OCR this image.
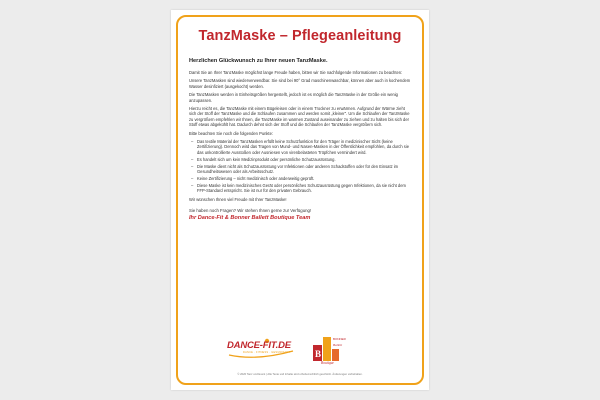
TanzMaske – Pflegeanleitung

Herzlichen Glückwunsch zu Ihrer neuen TanzMaske.

Damit Sie an Ihrer TanzMaske möglichst lange Freude haben, bitten wir Sie nachfolgende Informationen zu beachten:

Unsere TanzMasken sind wiederverwendbar. Sie sind bei 90° Grad maschinenwaschbar, können aber auch in kochendem Wasser desinfiziert (ausgekocht) werden.

Die TanzMasken werden in Einheitsgrößen hergestellt, jedoch ist es möglich die TanzMaske in der Größe ein wenig anzupassen.

Hierzu reicht es, die TanzMaske mit einem Bügeleisen oder in einem Trockner zu erwärmen. Aufgrund der Wärme zieht sich der Stoff der TanzMaske und die Schlaufen zusammen und werden somit „kleiner“. Um die Schlaufen der TanzMaske zu vergrößern empfehlen wir Ihnen, die TanzMaske im warmen Zustand auseinander zu ziehen und zu halten bis sich der Stoff etwas abgekühlt hat. Dadurch dehnt sich der Stoff und die Schlaufen der TanzMaske vergrößern sich.

Bitte beachten Sie noch die folgenden Punkte:

– Das textile Material der TanzMasken erfüllt keine Schutzfunktion für den Träger in medizinischer Sicht (keine Zertifizierung). Dennoch wird das Tragen von Mund- und Nasen-Masken in der Öffentlichkeit empfohlen, da durch sie das unkontrollierte Ausstoßen oder Ausniesen von virenbelasteten Tröpfchen vermindert wird.
– Es handelt sich um kein Medizinprodukt oder persönliche Schutzausrüstung.
– Die Maske dient nicht als Schutzausrüstung vor Infektionen oder anderen Schadstoffen oder für den Einsatz im Gesundheitswesen oder als Arbeitsschutz.
– Keine Zertifizierung – nicht medizinisch oder anderweitig geprüft.
– Diese Maske ist kein medizinisches Gerät oder persönliches Schutzausrüstung gegen Infektionen, da sie nicht dem FFP-Standard entspricht. Sie ist nur für den privaten Gebrauch.

Wir wünschen Ihnen viel Freude mit Ihrer TanzMaske!

Sie haben noch Fragen? Wir stehen Ihnen gerne zur Verfügung!

Ihr Dance-Fit & Bonner Ballett Boutique Team

DANCE-FIT.DE
DANCE · FITNESS · GESUNDHEIT	B
BONNER
Ballett
Boutique
© 2020 Tanz und Event | Alle Texte und Inhalte sind urheberrechtlich geschützt. Änderungen vorbehalten.
